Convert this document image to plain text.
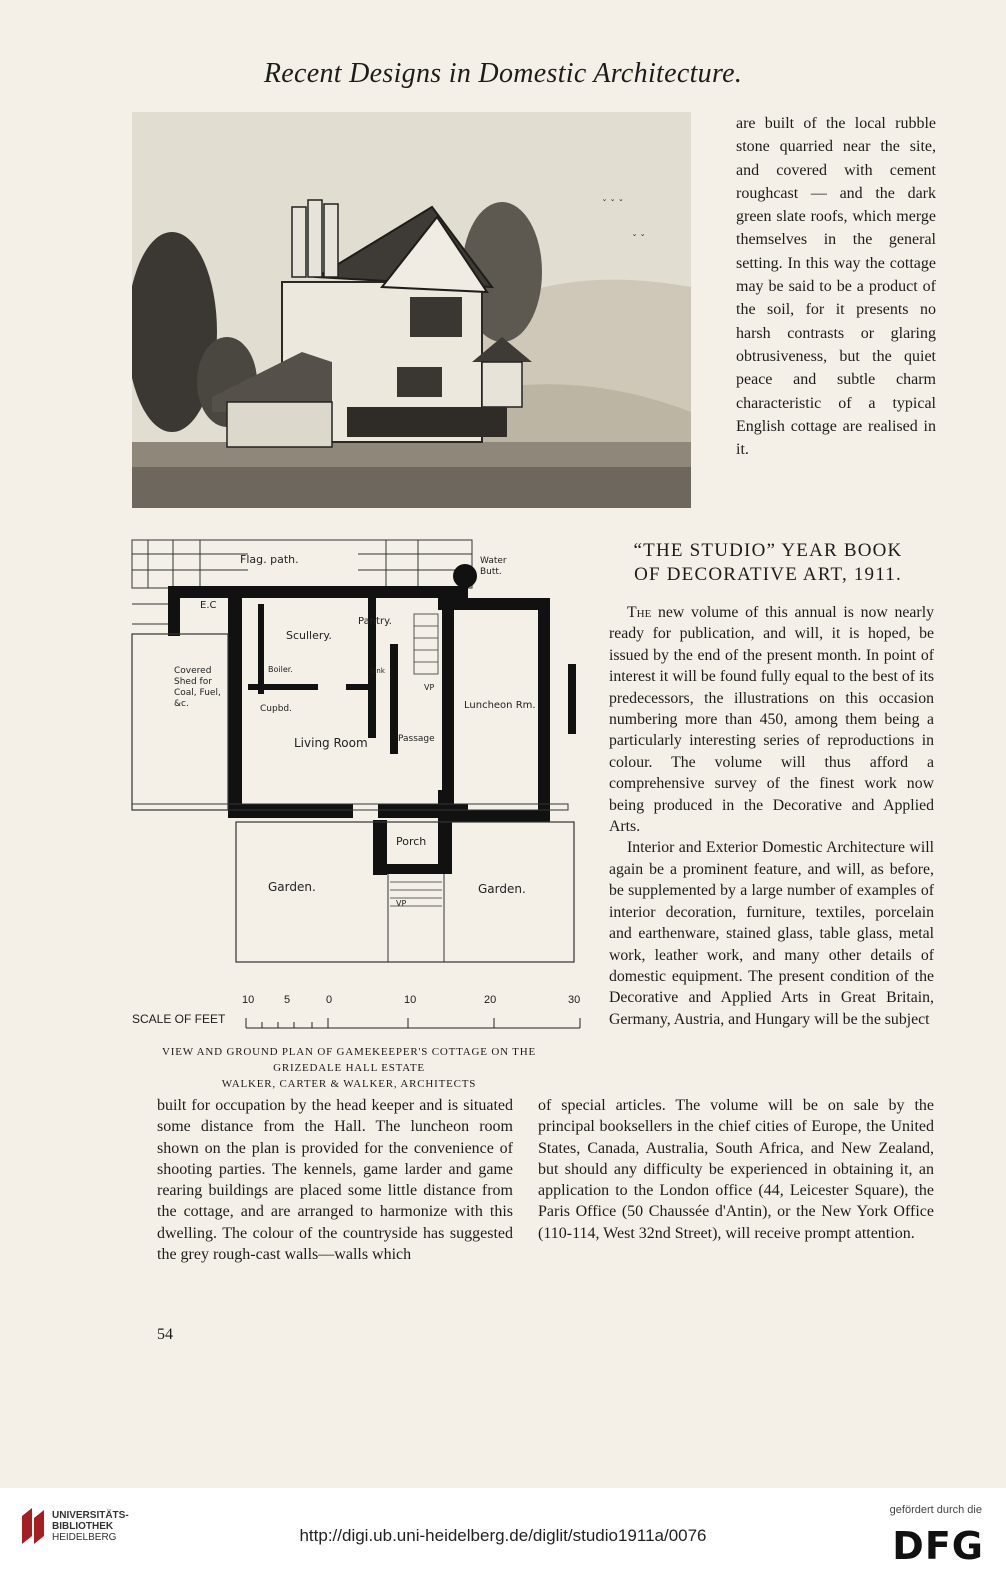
Recent Designs in Domestic Architecture.
ˇ ˇ ˇ
ˇ ˇ
are built of the local rubble stone quarried near the site, and covered with cement roughcast — and the dark green slate roofs, which merge themselves in the general setting. In this way the cottage may be said to be a product of the soil, for it presents no harsh contrasts or glaring obtrusiveness, but the quiet peace and subtle charm characteristic of a typical English cottage are realised in it.
Flag. path.	Water Butt.
E.C
Scullery.
Pantry.
Boiler.	Sink
VP
Covered Shed for Coal, Fuel, &c.	Cupbd.
Living Room	Passage
Luncheon Rm.
Porch
Garden.	Garden.
VP
SCALE OF FEET
10	5	0	10	20	30
VIEW AND GROUND PLAN OF GAMEKEEPER'S COTTAGE ON THE
GRIZEDALE HALL ESTATE
WALKER, CARTER & WALKER, ARCHITECTS
“THE STUDIO” YEAR BOOK
OF DECORATIVE ART, 1911.

The new volume of this annual is now nearly ready for publication, and will, it is hoped, be issued by the end of the present month. In point of interest it will be found fully equal to the best of its predecessors, the illustrations on this occasion numbering more than 450, among them being a particularly interesting series of reproductions in colour. The volume will thus afford a comprehensive survey of the finest work now being produced in the Decorative and Applied Arts.

Interior and Exterior Domestic Architecture will again be a prominent feature, and will, as before, be supplemented by a large number of examples of interior decoration, furniture, textiles, porcelain and earthenware, stained glass, table glass, metal work, leather work, and many other details of domestic equipment. The present condition of the Decorative and Applied Arts in Great Britain, Germany, Austria, and Hungary will be the subject

built for occupation by the head keeper and is situated some distance from the Hall. The luncheon room shown on the plan is provided for the convenience of shooting parties. The kennels, game larder and game rearing buildings are placed some little distance from the cottage, and are arranged to harmonize with this dwelling. The colour of the countryside has suggested the grey rough-cast walls—walls which
of special articles. The volume will be on sale by the principal booksellers in the chief cities of Europe, the United States, Canada, Australia, South Africa, and New Zealand, but should any difficulty be experienced in obtaining it, an application to the London office (44, Leicester Square), the Paris Office (50 Chaussée d'Antin), or the New York Office (110-114, West 32nd Street), will receive prompt attention.
54
UNIVERSITÄTS-
BIBLIOTHEK
HEIDELBERG	http://digi.ub.uni-heidelberg.de/diglit/studio1911a/0076
gefördert durch die
DFG
